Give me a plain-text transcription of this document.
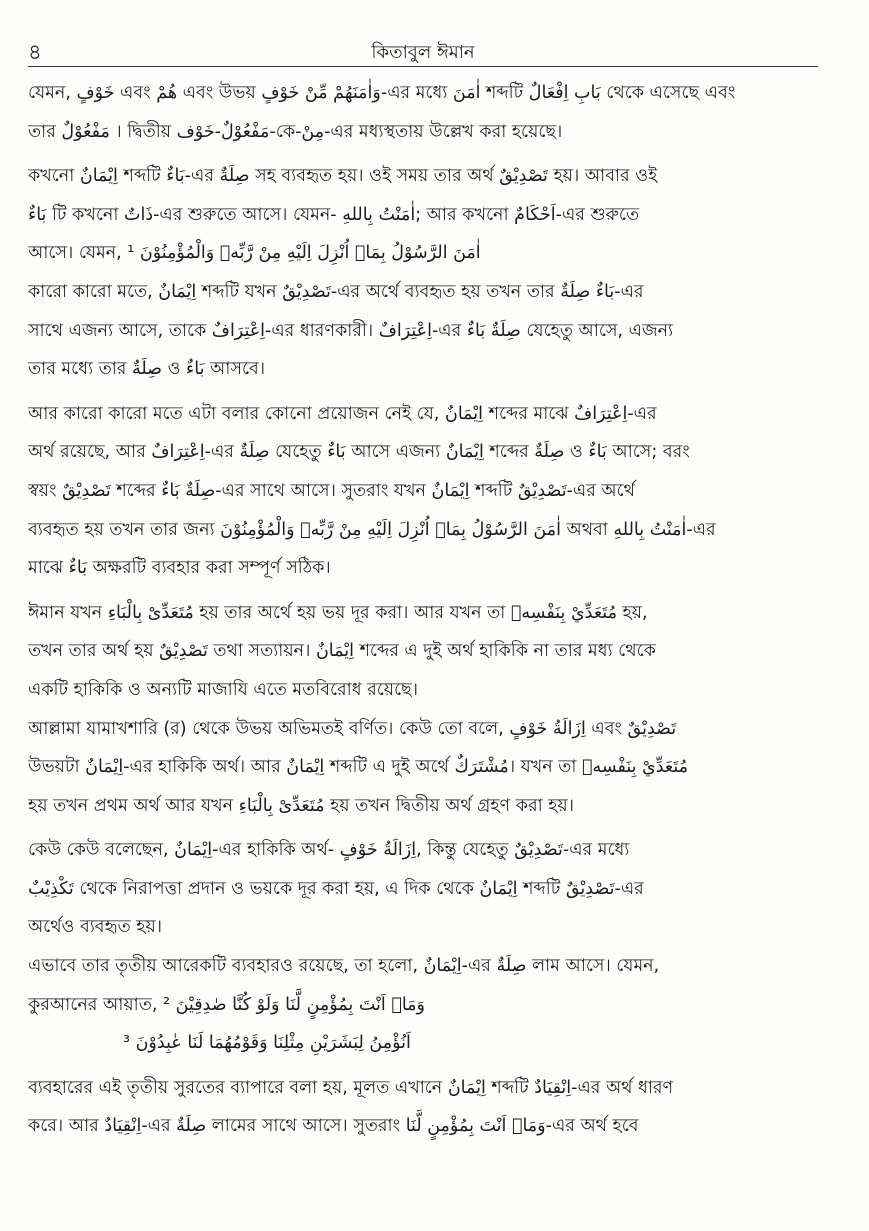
৪	কিতাবুল ঈমান
যেমন, خَوْفٍ এবং هُمْ এবং উভয় وَاٰمَنَهُمْ مِّنْ خَوْفٍ-এর মধ্যে اٰمَنَ শব্দটি بَابِ اِفْعَالٌ থেকে এসেছে এবং
তার مَفْعُوْلٌ । দ্বিতীয় مَفْعُوْلٌ-خَوْف-কে-مِنْ-এর মধ্যস্থতায় উল্লেখ করা হয়েছে।
কখনো اِيْمَانٌ শব্দটি بَاءٌ-এর صِلَةٌ সহ ব্যবহৃত হয়। ওই সময় তার অর্থ تَصْدِيْقٌ হয়। আবার ওই
بَاءٌ টি কখনো ذَاتٌ-এর শুরুতে আসে। যেমন- اٰمَنْتُ بِاللهِ; আর কখনো اَحْكَامٌ-এর শুরুতে
আসে। যেমন, اٰمَنَ الرَّسُوْلُ بِمَاۤ اُنْزِلَ اِلَيْهِ مِنْ رَّبِّهٖ وَالْمُؤْمِنُوْنَ ¹
কারো কারো মতে, اِيْمَانٌ শব্দটি যখন تَصْدِيْقٌ-এর অর্থে ব্যবহৃত হয় তখন তার بَاءٌ صِلَةٌ-এর
সাথে এজন্য আসে, তাকে اِعْتِرَافٌ-এর ধারণকারী। اِعْتِرَافٌ-এর صِلَةٌ بَاءٌ যেহেতু আসে, এজন্য
তার মধ্যে তার صِلَةٌ ও بَاءٌ আসবে।
আর কারো কারো মতে এটা বলার কোনো প্রয়োজন নেই যে, اِيْمَانٌ শব্দের মাঝে اِعْتِرَافٌ-এর
অর্থ রয়েছে, আর اِعْتِرَافٌ-এর صِلَةٌ যেহেতু بَاءٌ আসে এজন্য اِيْمَانٌ শব্দের صِلَةٌ ও بَاءٌ আসে; বরং
স্বয়ং تَصْدِيْقٌ শব্দের صِلَةٌ بَاءٌ-এর সাথে আসে। সুতরাং যখন اِيْمَانٌ শব্দটি تَصْدِيْقٌ-এর অর্থে
ব্যবহৃত হয় তখন তার জন্য اٰمَنَ الرَّسُوْلُ بِمَاۤ اُنْزِلَ اِلَيْهِ مِنْ رَّبِّهٖ وَالْمُؤْمِنُوْنَ অথবা اٰمَنْتُ بِاللهِ-এর
মাঝে بَاءٌ অক্ষরটি ব্যবহার করা সম্পূর্ণ সঠিক।
ঈমান যখন مُتَعَدِّىْ بِالْبَاءِ হয় তার অর্থে হয় ভয় দূর করা। আর যখন তা مُتَعَدِّيْ بِنَفْسِهٖ হয়,
তখন তার অর্থ হয় تَصْدِيْقٌ তথা সত্যায়ন। اِيْمَانٌ শব্দের এ দুই অর্থ হাকিকি না তার মধ্য থেকে
একটি হাকিকি ও অন্যটি মাজাযি এতে মতবিরোধ রয়েছে।
আল্লামা যামাখশারি (র) থেকে উভয় অভিমতই বর্ণিত। কেউ তো বলে, اِزَالَةُ خَوْفٍ এবং تَصْدِيْقٌ
উভয়টা اِيْمَانٌ-এর হাকিকি অর্থ। আর اِيْمَانٌ শব্দটি এ দুই অর্থে مُشْتَرَكٌ। যখন তা مُتَعَدِّيْ بِنَفْسِهٖ
হয় তখন প্রথম অর্থ আর যখন مُتَعَدِّىْ بِالْبَاءِ হয় তখন দ্বিতীয় অর্থ গ্রহণ করা হয়।
কেউ কেউ বলেছেন, اِيْمَانٌ-এর হাকিকি অর্থ- اِزَالَةُ خَوْفٍ, কিন্তু যেহেতু تَصْدِيْقٌ-এর মধ্যে
تَكْذِيْبٌ থেকে নিরাপত্তা প্রদান ও ভয়কে দূর করা হয়, এ দিক থেকে اِيْمَانٌ শব্দটি تَصْدِيْقٌ-এর
অর্থেও ব্যবহৃত হয়।
এভাবে তার তৃতীয় আরেকটি ব্যবহারও রয়েছে, তা হলো, اِيْمَانٌ-এর صِلَةٌ লাম আসে। যেমন,
কুরআনের আয়াত, ² وَمَاۤ اَنْتَ بِمُؤْمِنٍ لَّنَا وَلَوْ كُنَّا صٰدِقِيْنَ
اَنُؤْمِنُ لِبَشَرَيْنِ مِثْلِنَا وَقَوْمُهُمَا لَنَا عٰبِدُوْنَ ³
ব্যবহারের এই তৃতীয় সুরতের ব্যাপারে বলা হয়, মূলত এখানে اِيْمَانٌ শব্দটি اِنْقِيَادٌ-এর অর্থ ধারণ
করে। আর اِنْقِيَادٌ-এর صِلَةٌ লামের সাথে আসে। সুতরাং وَمَاۤ اَنْتَ بِمُؤْمِنٍ لَّنَا-এর অর্থ হবে
